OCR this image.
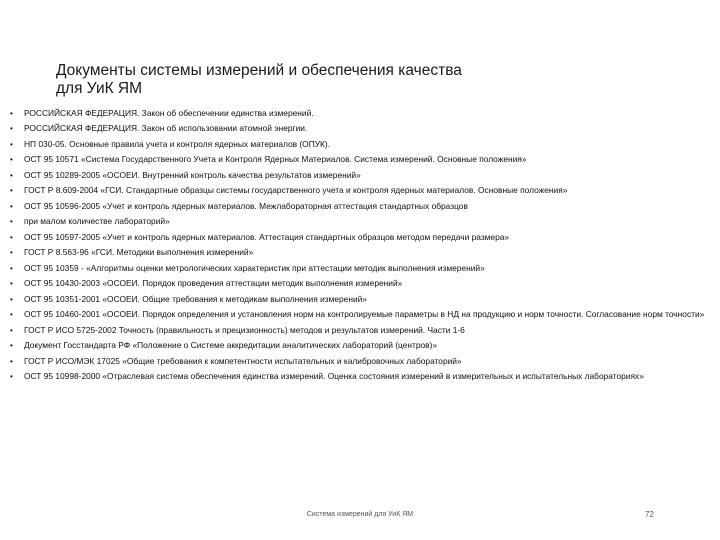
Документы системы измерений и обеспечения качества
для УиК ЯМ
• РОССИЙСКАЯ ФЕДЕРАЦИЯ. Закон об обеспечении единства измерений.
• РОССИЙСКАЯ ФЕДЕРАЦИЯ. Закон об использовании атомной энергии.
• НП 030-05. Основные правила учета и контроля ядерных материалов (ОПУК).
• ОСТ 95 10571 «Система Государственного Учета и Контроля Ядерных Материалов. Система измерений. Основные положения»
• ОСТ 95 10289-2005 «ОСОЕИ. Внутренний контроль качества результатов измерений»
• ГОСТ Р 8.609-2004 «ГСИ. Стандартные образцы системы государственного учета и контроля ядерных материалов. Основные положения»
• ОСТ 95 10596-2005 «Учет и контроль ядерных материалов. Межлабораторная аттестация стандартных образцов
• при малом количестве лабораторий»
• ОСТ 95 10597-2005 «Учет и контроль ядерных материалов. Аттестация стандартных образцов методом передачи размера»
• ГОСТ Р 8.563-96 «ГСИ. Методики выполнения измерений»
• ОСТ 95 10359 - «Алгоритмы оценки метрологических характеристик при аттестации методик выполнения измерений»
• ОСТ 95 10430-2003 «ОСОЕИ. Порядок проведения аттестации методик выполнения измерений»
• ОСТ 95 10351-2001 «ОСОЕИ. Общие требования к методикам выполнения измерений»
• ОСТ 95 10460-2001 «ОСОЕИ. Порядок определения и установления норм на контролируемые параметры в НД на продукцию и норм точности. Согласование норм точности»
• ГОСТ Р ИСО 5725-2002 Точность (правильность и прецизионность) методов и результатов измерений. Части 1-6
• Документ Госстандарта РФ «Положение о Системе аккредитации аналитических лабораторий (центров)»
• ГОСТ Р ИСО/МЭК 17025 «Общие требования к компетентности испытательных и калибровочных лабораторий»
• ОСТ 95 10998-2000 «Отраслевая система обеспечения единства измерений. Оценка состояния измерений в измерительных и испытательных лабораториях»
Система измерений для УиК ЯМ	72
